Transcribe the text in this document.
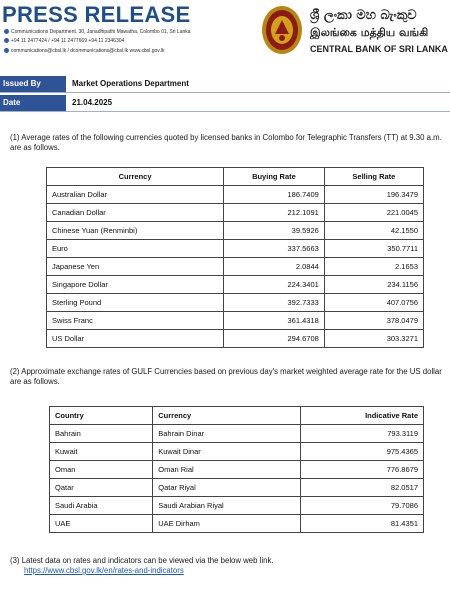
PRESS RELEASE
Communications Department, 30, Janadhipathi Mawatha, Colombo 01, Sri Lanka
+94 11 2477424 / +94 11 2477669 +94 11 2346304
communications@cbsl.lk / dcommunications@cbsl.lk www.cbsl.gov.lk
ශ්‍රී ලංකා මහ බැංකුව
இலங்கை மத்திய வங்கி
CENTRAL BANK OF SRI LANKA
Issued By	Market Operations Department
Date	21.04.2025
(1) Average rates of the following currencies quoted by licensed banks in Colombo for Telegraphic Transfers (TT) at 9.30 a.m. are as follows.
Currency	Buying Rate	Selling Rate
Australian Dollar	186.7409	196.3479
Canadian Dollar	212.1091	221.0045
Chinese Yuan (Renminbi)	39.5926	42.1550
Euro	337.5663	350.7711
Japanese Yen	2.0844	2.1653
Singapore Dollar	224.3401	234.1156
Sterling Pound	392.7333	407.0756
Swiss Franc	361.4318	378.0479
US Dollar	294.6708	303.3271
(2) Approximate exchange rates of GULF Currencies based on previous day's market weighted average rate for the US dollar are as follows.
Country	Currency	Indicative Rate
Bahrain	Bahrain Dinar	793.3119
Kuwait	Kuwait Dinar	975.4365
Oman	Oman Rial	776.8679
Qatar	Qatar Riyal	82.0517
Saudi Arabia	Saudi Arabian Riyal	79.7086
UAE	UAE Dirham	81.4351
(3) Latest data on rates and indicators can be viewed via the below web link.
https://www.cbsl.gov.lk/en/rates-and-indicators
